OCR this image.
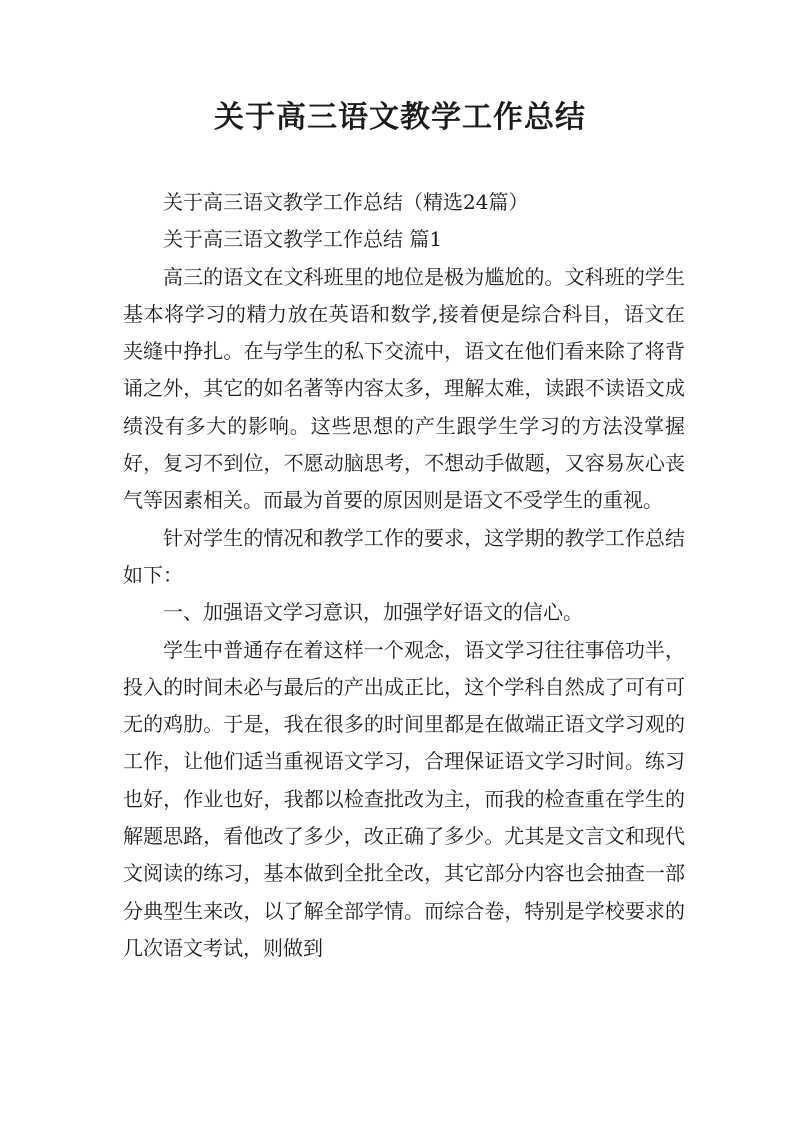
关于高三语文教学工作总结

关于高三语文教学工作总结（精选24篇）

关于高三语文教学工作总结 篇1

高三的语文在文科班里的地位是极为尴尬的。文科班的学生基本将学习的精力放在英语和数学,接着便是综合科目，语文在夹缝中挣扎。在与学生的私下交流中，语文在他们看来除了将背诵之外，其它的如名著等内容太多，理解太难，读跟不读语文成绩没有多大的影响。这些思想的产生跟学生学习的方法没掌握好，复习不到位，不愿动脑思考，不想动手做题，又容易灰心丧气等因素相关。而最为首要的原因则是语文不受学生的重视。

针对学生的情况和教学工作的要求，这学期的教学工作总结如下：

一、加强语文学习意识，加强学好语文的信心。

学生中普通存在着这样一个观念，语文学习往往事倍功半，投入的时间未必与最后的产出成正比，这个学科自然成了可有可无的鸡肋。于是，我在很多的时间里都是在做端正语文学习观的工作，让他们适当重视语文学习，合理保证语文学习时间。练习也好，作业也好，我都以检查批改为主，而我的检查重在学生的解题思路，看他改了多少，改正确了多少。尤其是文言文和现代文阅读的练习，基本做到全批全改，其它部分内容也会抽查一部分典型生来改，以了解全部学情。而综合卷，特别是学校要求的几次语文考试，则做到
